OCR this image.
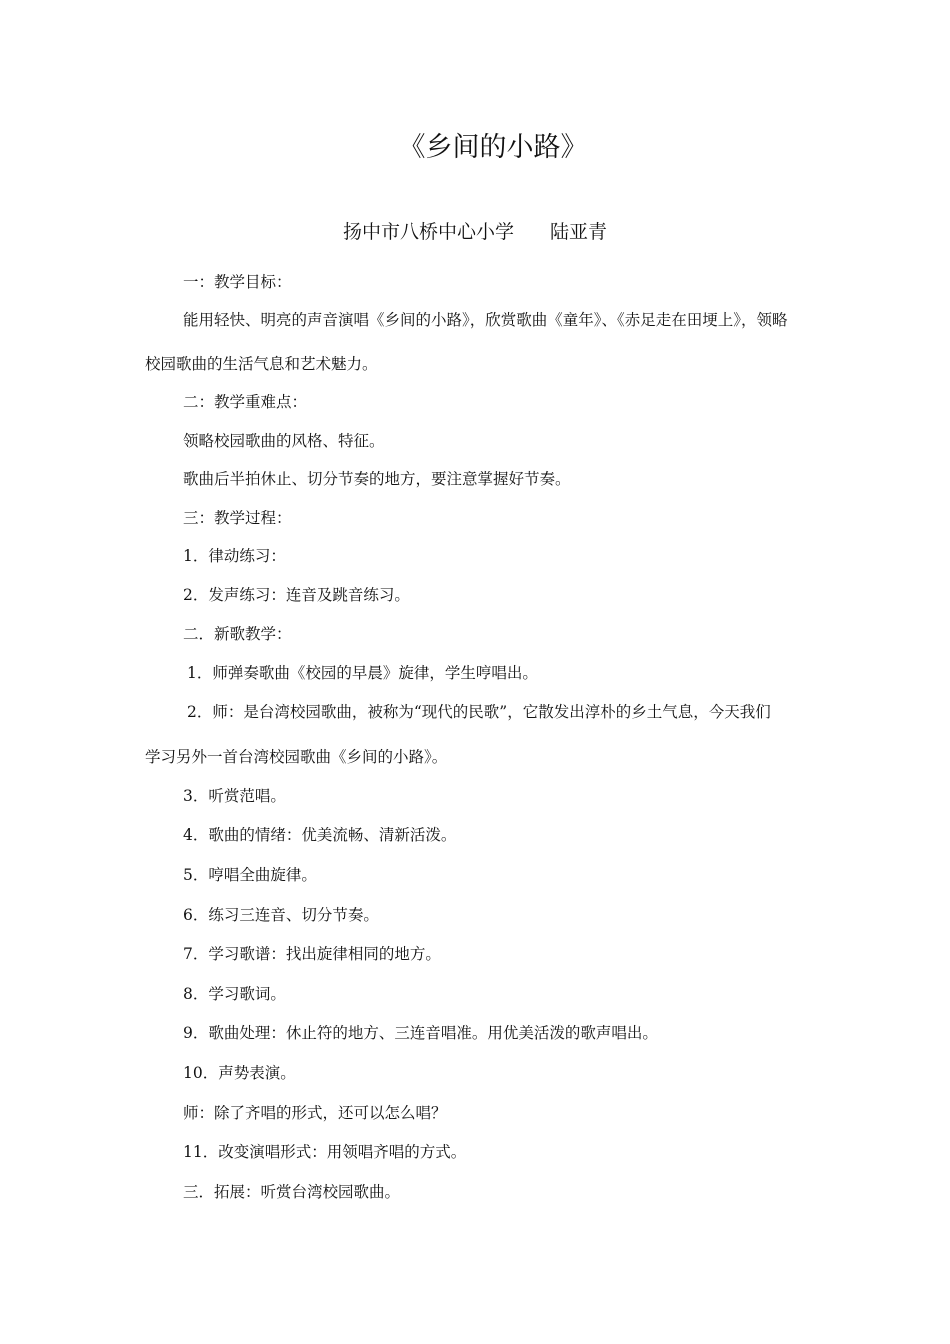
《乡间的小路》
扬中市八桥中心小学 陆亚青
一：教学目标：
能用轻快、明亮的声音演唱《乡间的小路》，欣赏歌曲《童年》、《赤足走在田埂上》，领略
校园歌曲的生活气息和艺术魅力。
二：教学重难点：
领略校园歌曲的风格、特征。
歌曲后半拍休止、切分节奏的地方，要注意掌握好节奏。
三：教学过程：
1．律动练习：
2．发声练习：连音及跳音练习。
二．新歌教学：
1．师弹奏歌曲《校园的早晨》旋律，学生哼唱出。
2．师：是台湾校园歌曲，被称为“现代的民歌”，它散发出淳朴的乡土气息，今天我们
学习另外一首台湾校园歌曲《乡间的小路》。
3．听赏范唱。
4．歌曲的情绪：优美流畅、清新活泼。
5．哼唱全曲旋律。
6．练习三连音、切分节奏。
7．学习歌谱：找出旋律相同的地方。
8．学习歌词。
9．歌曲处理：休止符的地方、三连音唱准。用优美活泼的歌声唱出。
10．声势表演。
师：除了齐唱的形式，还可以怎么唱？
11．改变演唱形式：用领唱齐唱的方式。
三．拓展：听赏台湾校园歌曲。
